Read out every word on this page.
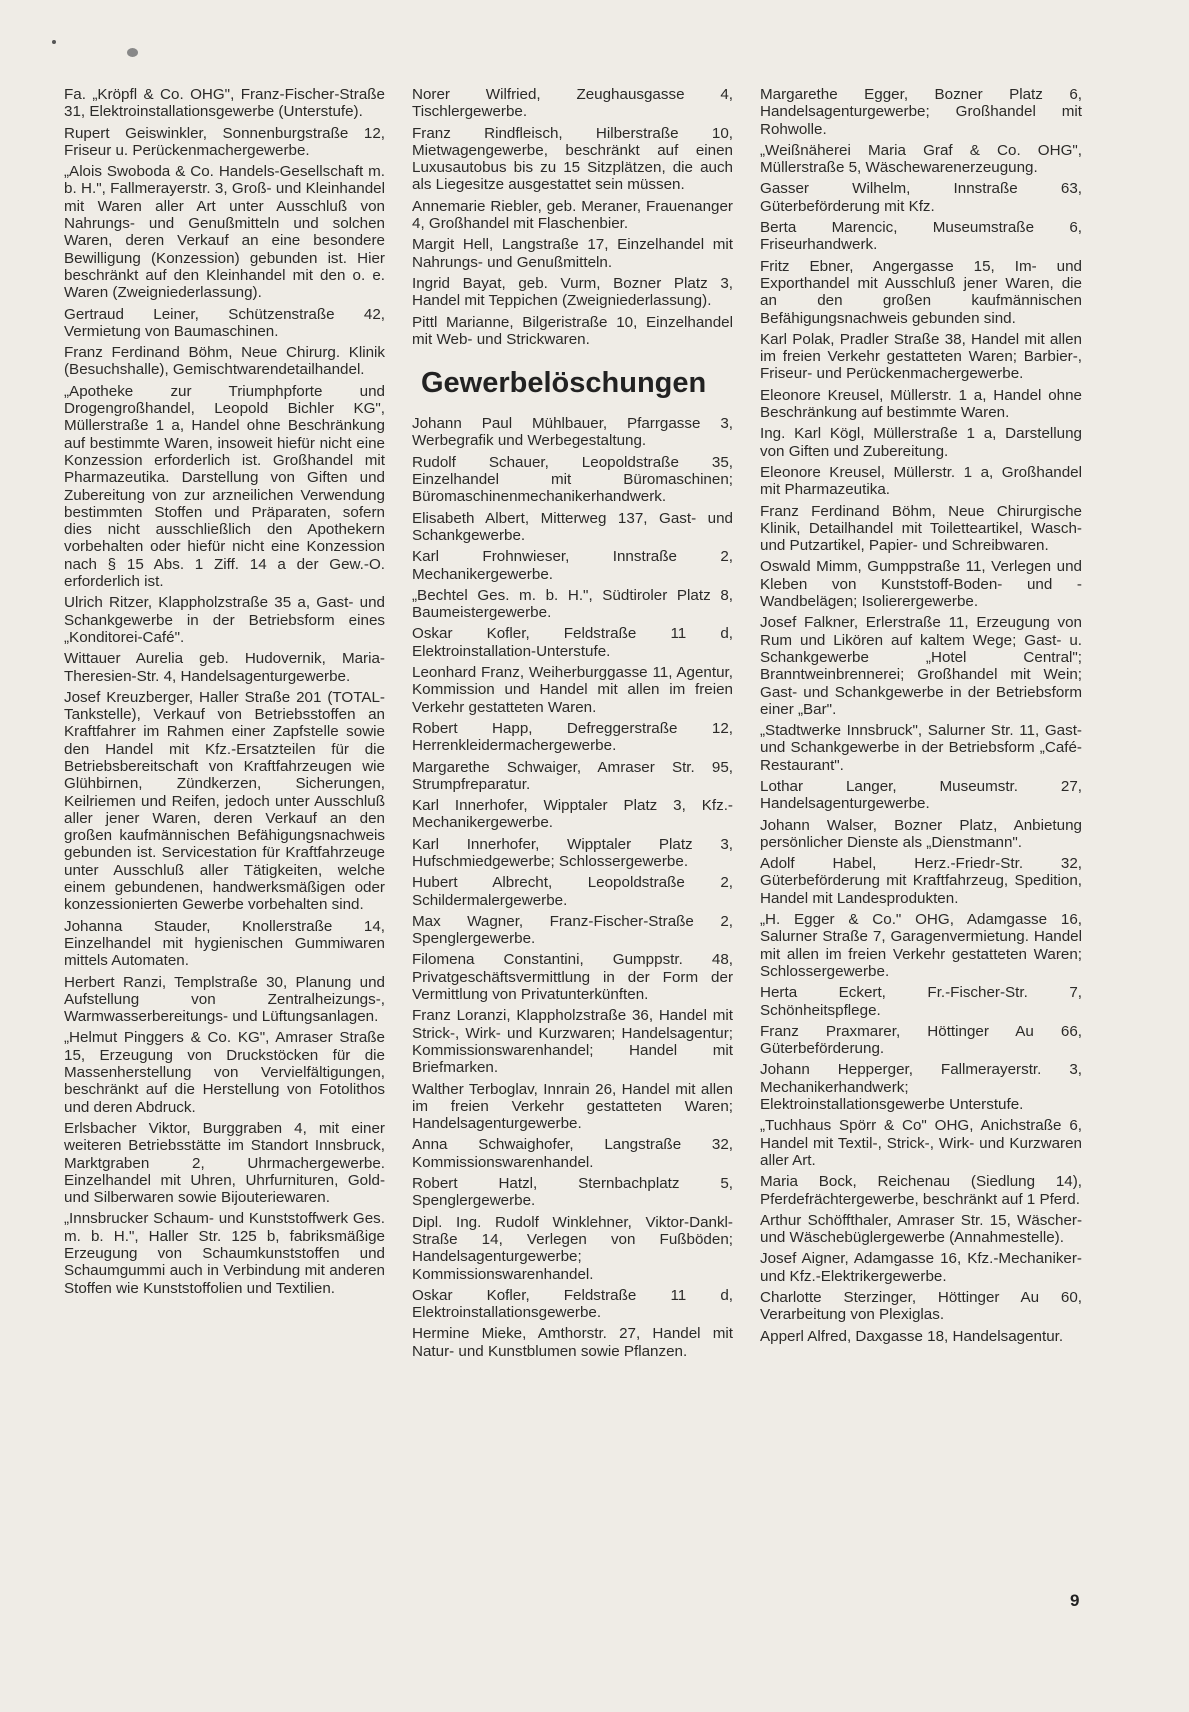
Fa. „Kröpfl & Co. OHG", Franz-Fischer-Straße 31, Elektroinstallationsgewerbe (Unterstufe).

Rupert Geiswinkler, Sonnenburgstraße 12, Friseur u. Perückenmachergewerbe.

„Alois Swoboda & Co. Handels-Gesellschaft m. b. H.", Fallmerayerstr. 3, Groß- und Kleinhandel mit Waren aller Art unter Ausschluß von Nahrungs- und Genußmitteln und solchen Waren, deren Verkauf an eine besondere Bewilligung (Konzession) gebunden ist. Hier beschränkt auf den Kleinhandel mit den o. e. Waren (Zweigniederlassung).

Gertraud Leiner, Schützenstraße 42, Vermietung von Baumaschinen.

Franz Ferdinand Böhm, Neue Chirurg. Klinik (Besuchshalle), Gemischtwarendetailhandel.

„Apotheke zur Triumphpforte und Drogengroßhandel, Leopold Bichler KG", Müllerstraße 1 a, Handel ohne Beschränkung auf bestimmte Waren, insoweit hiefür nicht eine Konzession erforderlich ist. Großhandel mit Pharmazeutika. Darstellung von Giften und Zubereitung von zur arzneilichen Verwendung bestimmten Stoffen und Präparaten, sofern dies nicht ausschließlich den Apothekern vorbehalten oder hiefür nicht eine Konzession nach § 15 Abs. 1 Ziff. 14 a der Gew.-O. erforderlich ist.

Ulrich Ritzer, Klappholzstraße 35 a, Gast- und Schankgewerbe in der Betriebsform eines „Konditorei-Café".

Wittauer Aurelia geb. Hudovernik, Maria-Theresien-Str. 4, Handelsagenturgewerbe.

Josef Kreuzberger, Haller Straße 201 (TOTAL-Tankstelle), Verkauf von Betriebsstoffen an Kraftfahrer im Rahmen einer Zapfstelle sowie den Handel mit Kfz.-Ersatzteilen für die Betriebsbereitschaft von Kraftfahrzeugen wie Glühbirnen, Zündkerzen, Sicherungen, Keilriemen und Reifen, jedoch unter Ausschluß aller jener Waren, deren Verkauf an den großen kaufmännischen Befähigungsnachweis gebunden ist. Servicestation für Kraftfahrzeuge unter Ausschluß aller Tätigkeiten, welche einem gebundenen, handwerksmäßigen oder konzessionierten Gewerbe vorbehalten sind.

Johanna Stauder, Knollerstraße 14, Einzelhandel mit hygienischen Gummiwaren mittels Automaten.

Herbert Ranzi, Templstraße 30, Planung und Aufstellung von Zentralheizungs-, Warmwasserbereitungs- und Lüftungsanlagen.

„Helmut Pinggers & Co. KG", Amraser Straße 15, Erzeugung von Druckstöcken für die Massenherstellung von Vervielfältigungen, beschränkt auf die Herstellung von Fotolithos und deren Abdruck.

Erlsbacher Viktor, Burggraben 4, mit einer weiteren Betriebsstätte im Standort Innsbruck, Marktgraben 2, Uhrmachergewerbe. Einzelhandel mit Uhren, Uhrfurnituren, Gold- und Silberwaren sowie Bijouteriewaren.

„Innsbrucker Schaum- und Kunststoffwerk Ges. m. b. H.", Haller Str. 125 b, fabriksmäßige Erzeugung von Schaumkunststoffen und Schaumgummi auch in Verbindung mit anderen Stoffen wie Kunststoffolien und Textilien.

Norer Wilfried, Zeughausgasse 4, Tischlergewerbe.

Franz Rindfleisch, Hilberstraße 10, Mietwagengewerbe, beschränkt auf einen Luxusautobus bis zu 15 Sitzplätzen, die auch als Liegesitze ausgestattet sein müssen.

Annemarie Riebler, geb. Meraner, Frauenanger 4, Großhandel mit Flaschenbier.

Margit Hell, Langstraße 17, Einzelhandel mit Nahrungs- und Genußmitteln.

Ingrid Bayat, geb. Vurm, Bozner Platz 3, Handel mit Teppichen (Zweigniederlassung).

Pittl Marianne, Bilgeristraße 10, Einzelhandel mit Web- und Strickwaren.

Gewerbelöschungen

Johann Paul Mühlbauer, Pfarrgasse 3, Werbegrafik und Werbegestaltung.

Rudolf Schauer, Leopoldstraße 35, Einzelhandel mit Büromaschinen; Büromaschinenmechanikerhandwerk.

Elisabeth Albert, Mitterweg 137, Gast- und Schankgewerbe.

Karl Frohnwieser, Innstraße 2, Mechanikergewerbe.

„Bechtel Ges. m. b. H.", Südtiroler Platz 8, Baumeistergewerbe.

Oskar Kofler, Feldstraße 11 d, Elektroinstallation-Unterstufe.

Leonhard Franz, Weiherburggasse 11, Agentur, Kommission und Handel mit allen im freien Verkehr gestatteten Waren.

Robert Happ, Defreggerstraße 12, Herrenkleidermachergewerbe.

Margarethe Schwaiger, Amraser Str. 95, Strumpfreparatur.

Karl Innerhofer, Wipptaler Platz 3, Kfz.-Mechanikergewerbe.

Karl Innerhofer, Wipptaler Platz 3, Hufschmiedgewerbe; Schlossergewerbe.

Hubert Albrecht, Leopoldstraße 2, Schildermalergewerbe.

Max Wagner, Franz-Fischer-Straße 2, Spenglergewerbe.

Filomena Constantini, Gumppstr. 48, Privatgeschäftsvermittlung in der Form der Vermittlung von Privatunterkünften.

Franz Loranzi, Klappholzstraße 36, Handel mit Strick-, Wirk- und Kurzwaren; Handelsagentur; Kommissionswarenhandel; Handel mit Briefmarken.

Walther Terboglav, Innrain 26, Handel mit allen im freien Verkehr gestatteten Waren; Handelsagenturgewerbe.

Anna Schwaighofer, Langstraße 32, Kommissionswarenhandel.

Robert Hatzl, Sternbachplatz 5, Spenglergewerbe.

Dipl. Ing. Rudolf Winklehner, Viktor-Dankl-Straße 14, Verlegen von Fußböden; Handelsagenturgewerbe; Kommissionswarenhandel.

Oskar Kofler, Feldstraße 11 d, Elektroinstallationsgewerbe.

Hermine Mieke, Amthorstr. 27, Handel mit Natur- und Kunstblumen sowie Pflanzen.

Margarethe Egger, Bozner Platz 6, Handelsagenturgewerbe; Großhandel mit Rohwolle.

„Weißnäherei Maria Graf & Co. OHG", Müllerstraße 5, Wäschewarenerzeugung.

Gasser Wilhelm, Innstraße 63, Güterbeförderung mit Kfz.

Berta Marencic, Museumstraße 6, Friseurhandwerk.

Fritz Ebner, Angergasse 15, Im- und Exporthandel mit Ausschluß jener Waren, die an den großen kaufmännischen Befähigungsnachweis gebunden sind.

Karl Polak, Pradler Straße 38, Handel mit allen im freien Verkehr gestatteten Waren; Barbier-, Friseur- und Perückenmachergewerbe.

Eleonore Kreusel, Müllerstr. 1 a, Handel ohne Beschränkung auf bestimmte Waren.

Ing. Karl Kögl, Müllerstraße 1 a, Darstellung von Giften und Zubereitung.

Eleonore Kreusel, Müllerstr. 1 a, Großhandel mit Pharmazeutika.

Franz Ferdinand Böhm, Neue Chirurgische Klinik, Detailhandel mit Toiletteartikel, Wasch- und Putzartikel, Papier- und Schreibwaren.

Oswald Mimm, Gumppstraße 11, Verlegen und Kleben von Kunststoff-Boden- und -Wandbelägen; Isolierergewerbe.

Josef Falkner, Erlerstraße 11, Erzeugung von Rum und Likören auf kaltem Wege; Gast- u. Schankgewerbe „Hotel Central"; Branntweinbrennerei; Großhandel mit Wein; Gast- und Schankgewerbe in der Betriebsform einer „Bar".

„Stadtwerke Innsbruck", Salurner Str. 11, Gast- und Schankgewerbe in der Betriebsform „Café-Restaurant".

Lothar Langer, Museumstr. 27, Handelsagenturgewerbe.

Johann Walser, Bozner Platz, Anbietung persönlicher Dienste als „Dienstmann".

Adolf Habel, Herz.-Friedr-Str. 32, Güterbeförderung mit Kraftfahrzeug, Spedition, Handel mit Landesprodukten.

„H. Egger & Co." OHG, Adamgasse 16, Salurner Straße 7, Garagenvermietung. Handel mit allen im freien Verkehr gestatteten Waren; Schlossergewerbe.

Herta Eckert, Fr.-Fischer-Str. 7, Schönheitspflege.

Franz Praxmarer, Höttinger Au 66, Güterbeförderung.

Johann Hepperger, Fallmerayerstr. 3, Mechanikerhandwerk; Elektroinstallationsgewerbe Unterstufe.

„Tuchhaus Spörr & Co" OHG, Anichstraße 6, Handel mit Textil-, Strick-, Wirk- und Kurzwaren aller Art.

Maria Bock, Reichenau (Siedlung 14), Pferdefrächtergewerbe, beschränkt auf 1 Pferd.

Arthur Schöffthaler, Amraser Str. 15, Wäscher- und Wäschebüglergewerbe (Annahmestelle).

Josef Aigner, Adamgasse 16, Kfz.-Mechaniker- und Kfz.-Elektrikergewerbe.

Charlotte Sterzinger, Höttinger Au 60, Verarbeitung von Plexiglas.

Apperl Alfred, Daxgasse 18, Handelsagentur.

9
